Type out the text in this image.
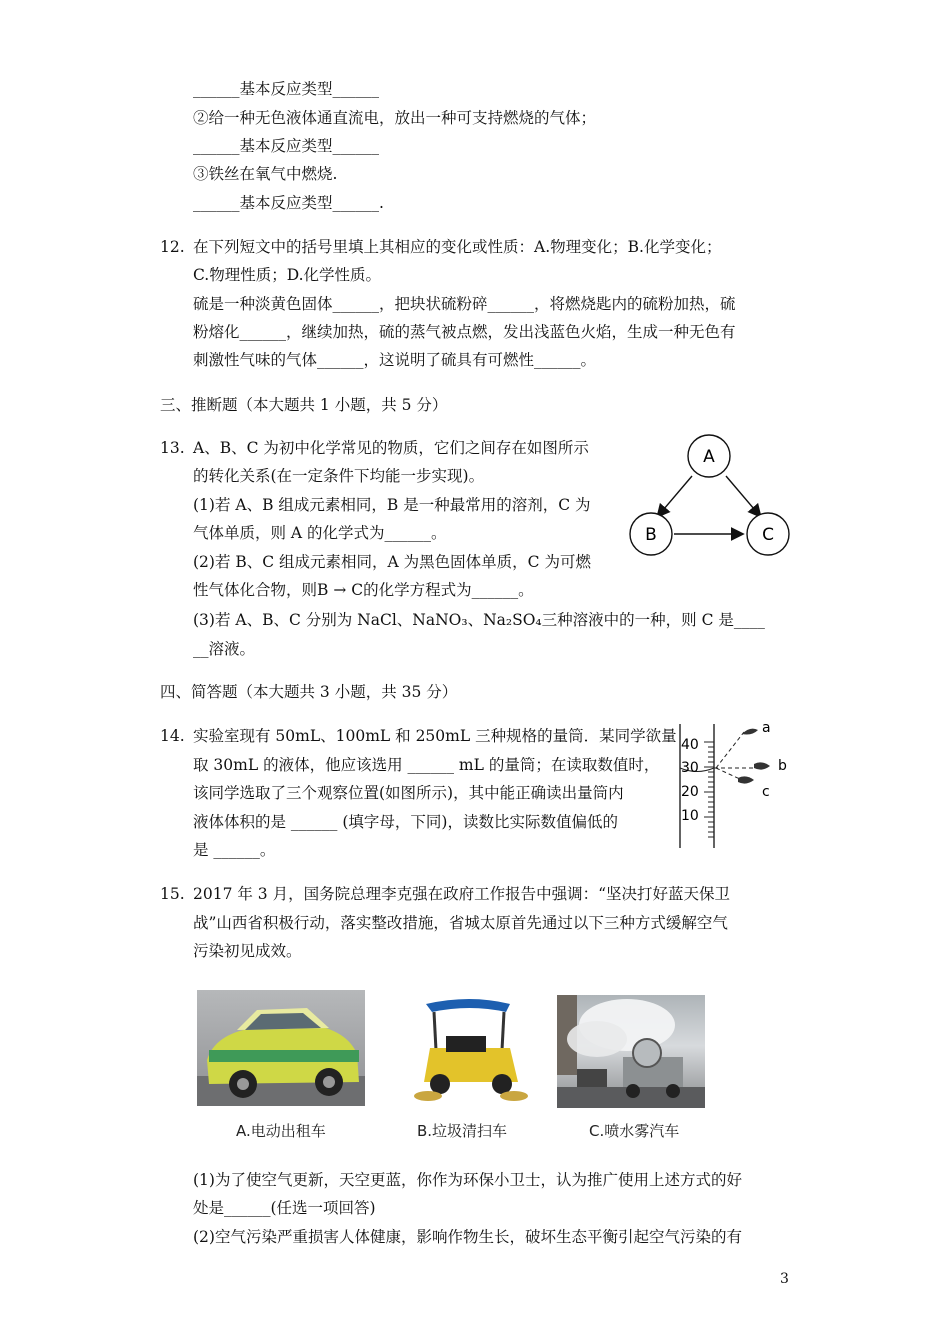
______基本反应类型______
②给一种无色液体通直流电，放出一种可支持燃烧的气体；
______基本反应类型______
③铁丝在氧气中燃烧.
______基本反应类型______.
12. 在下列短文中的括号里填上其相应的变化或性质：A.物理变化；B.化学变化；
C.物理性质；D.化学性质。
硫是一种淡黄色固体______，把块状硫粉碎______，将燃烧匙内的硫粉加热，硫
粉熔化______，继续加热，硫的蒸气被点燃，发出浅蓝色火焰，生成一种无色有
刺激性气味的气体______，这说明了硫具有可燃性______。
三、推断题（本大题共 1 小题，共 5 分）
13. A、B、C 为初中化学常见的物质，它们之间存在如图所示
的转化关系(在一定条件下均能一步实现)。
(1)若 A、B 组成元素相同，B 是一种最常用的溶剂，C 为
气体单质，则 A 的化学式为______。
(2)若 B、C 组成元素相同，A 为黑色固体单质，C 为可燃
性气体化合物，则B → C的化学方程式为______。
(3)若 A、B、C 分别为 NaCl、NaNO₃、Na₂SO₄三种溶液中的一种，则 C 是____
__溶液。
A
B	C
四、简答题（本大题共 3 小题，共 35 分）
14. 实验室现有 50mL、100mL 和 250mL 三种规格的量筒．某同学欲量
取 30mL 的液体，他应该选用 ______ mL 的量筒；在读取数值时，
该同学选取了三个观察位置(如图所示)，其中能正确读出量筒内
液体体积的是 ______ (填字母，下同)，读数比实际数值偏低的
是 ______。
40
30
20
10
a
b
c
15. 2017 年 3 月，国务院总理李克强在政府工作报告中强调：“坚决打好蓝天保卫
战”山西省积极行动，落实整改措施，省城太原首先通过以下三种方式缓解空气
污染初见成效。
A.电动出租车	B.垃圾清扫车	C.喷水雾汽车
(1)为了使空气更新，天空更蓝，你作为环保小卫士，认为推广使用上述方式的好
处是______(任选一项回答)
(2)空气污染严重损害人体健康，影响作物生长，破坏生态平衡引起空气污染的有
3
